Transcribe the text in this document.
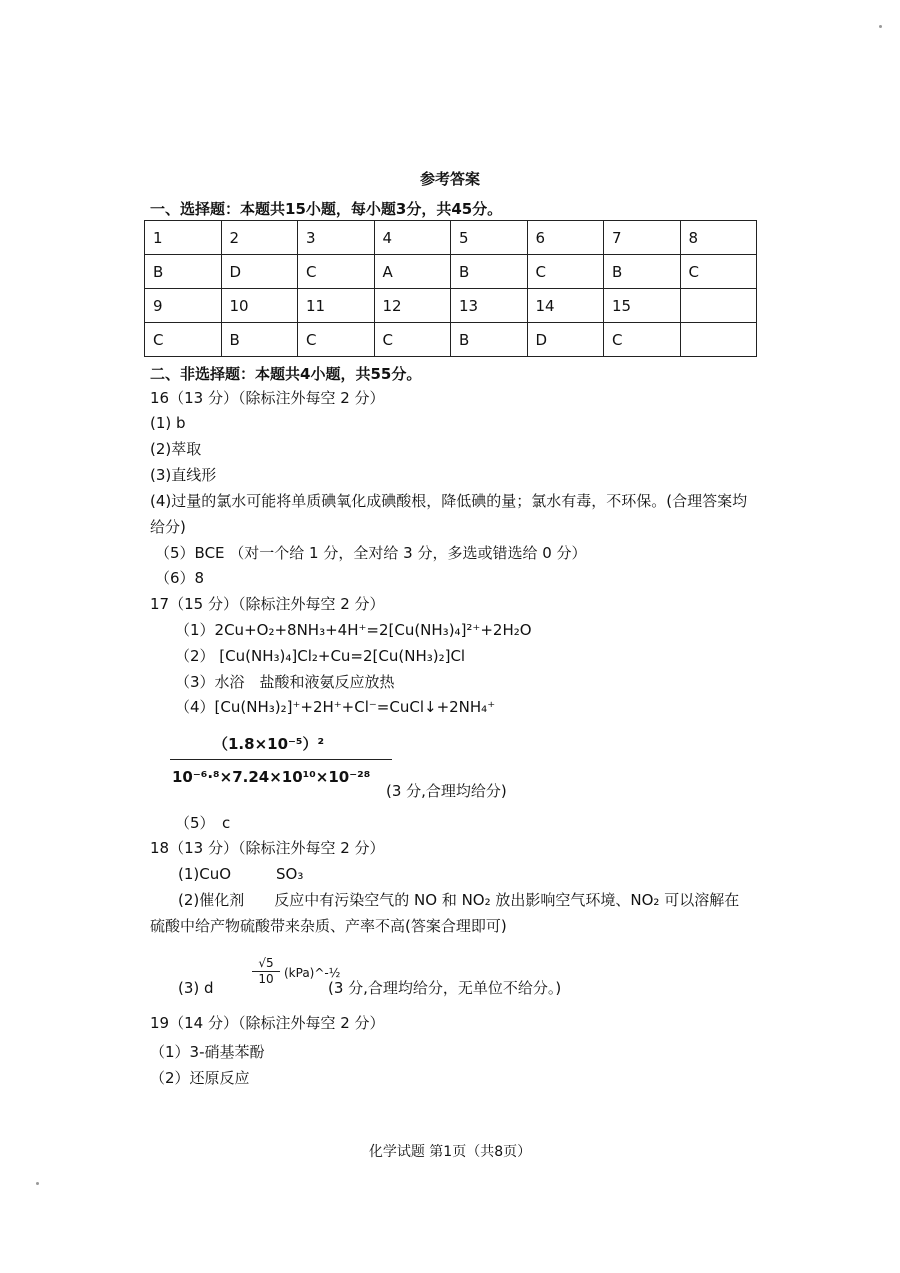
参考答案
一、选择题：本题共15小题，每小题3分，共45分。
1	2	3	4	5	6	7	8
B	D	C	A	B	C	B	C
9	10	11	12	13	14	15	
C	B	C	C	B	D	C	
二、非选择题：本题共4小题，共55分。
16（13 分）（除标注外每空 2 分）
(1) b
(2)萃取
(3)直线形
(4)过量的氯水可能将单质碘氧化成碘酸根，降低碘的量；氯水有毒，不环保。(合理答案均
给分)
（5）BCE （对一个给 1 分，全对给 3 分，多选或错选给 0 分）
（6）8
17（15 分）（除标注外每空 2 分）
（1）2Cu+O₂+8NH₃+4H⁺=2[Cu(NH₃)₄]²⁺+2H₂O
（2） [Cu(NH₃)₄]Cl₂+Cu=2[Cu(NH₃)₂]Cl
（3）水浴　盐酸和液氨反应放热
（4）[Cu(NH₃)₂]⁺+2H⁺+Cl⁻=CuCl↓+2NH₄⁺
（1.8×10⁻⁵）²
10⁻⁶·⁸×7.24×10¹⁰×10⁻²⁸
(3 分,合理均给分)
（5）　c
18（13 分）（除标注外每空 2 分）
(1)CuO　　　SO₃
(2)催化剂　　反应中有污染空气的 NO 和 NO₂ 放出影响空气环境、NO₂ 可以溶解在
硫酸中给产物硫酸带来杂质、产率不高(答案合理即可)
(3) d
$\frac{√5}{10}$ (kPa)^-½
(3 分,合理均给分，无单位不给分。)
19（14 分）（除标注外每空 2 分）
（1）3-硝基苯酚
（2）还原反应
化学试题 第1页（共8页）
